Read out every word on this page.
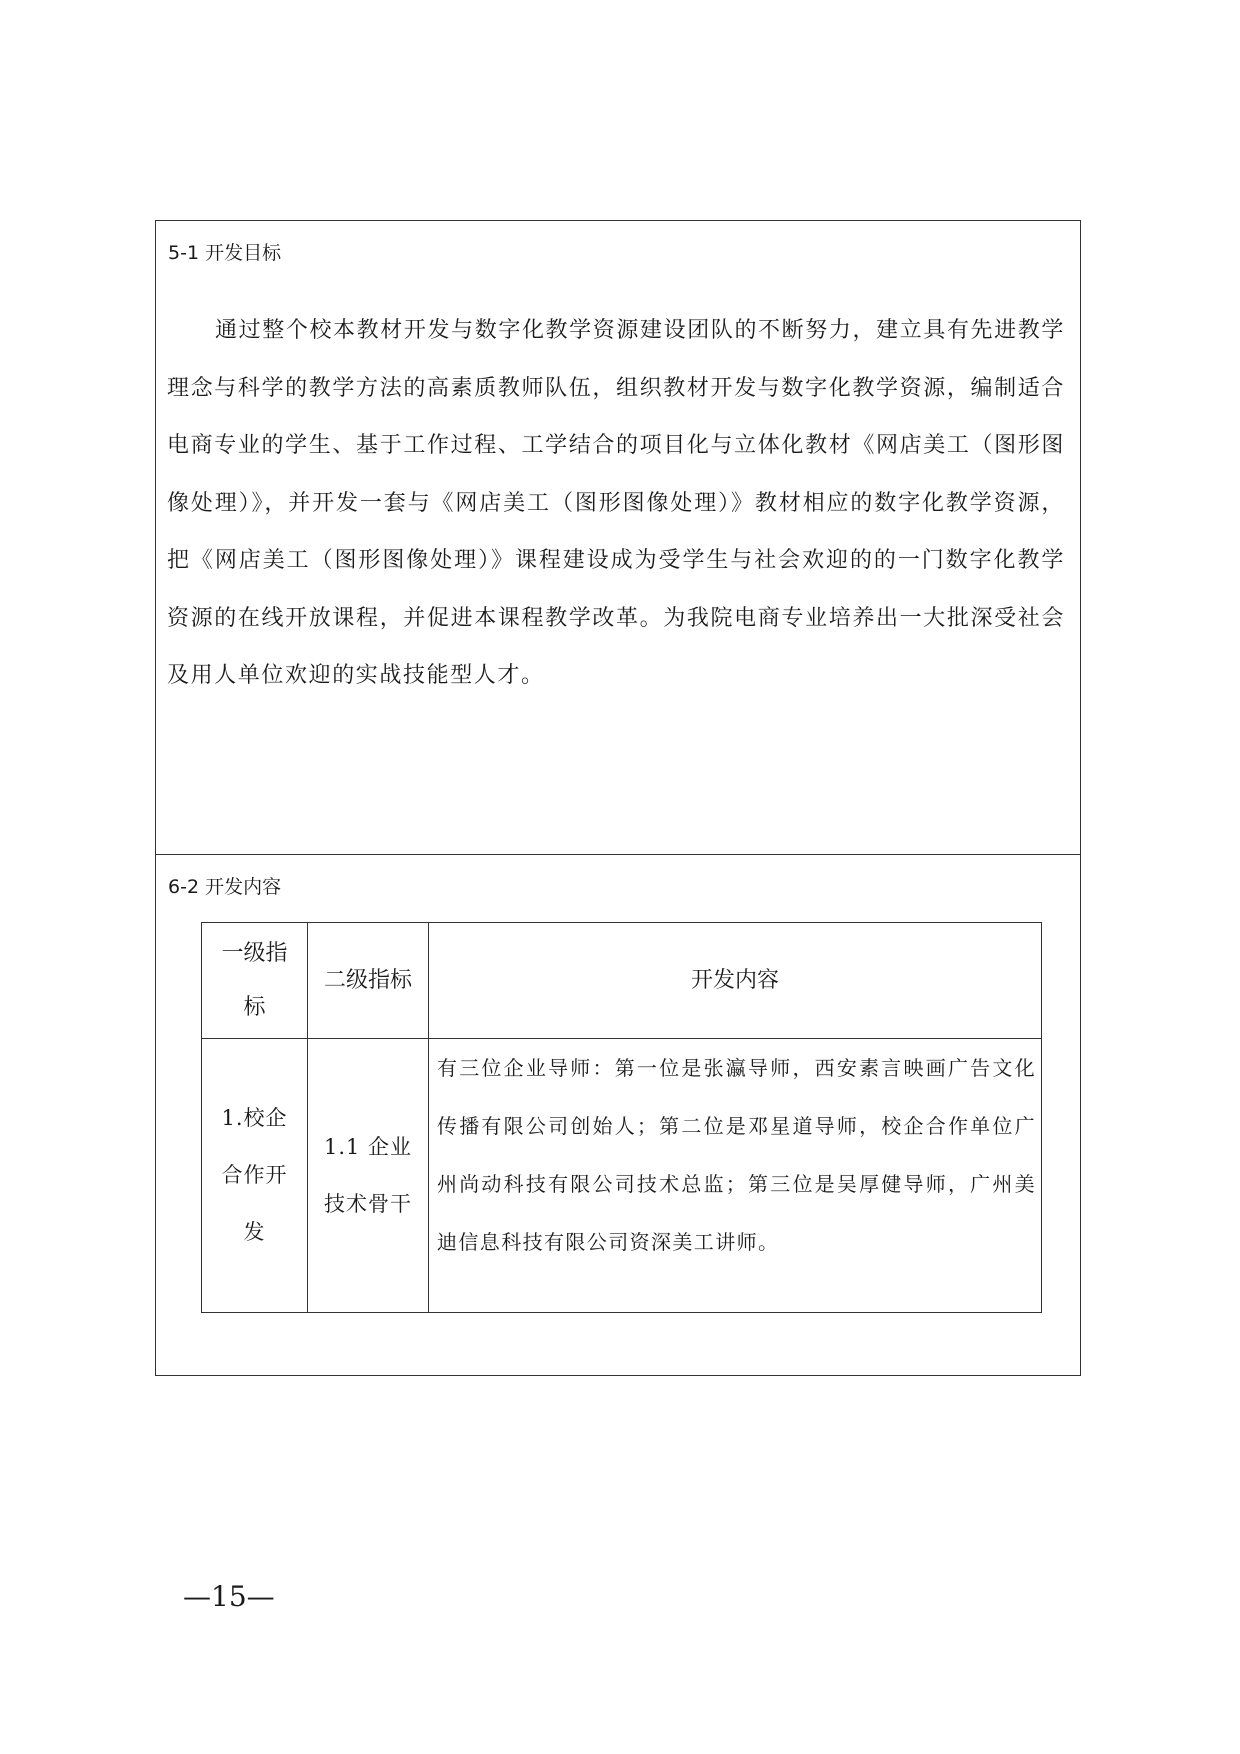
5-1 开发目标

通过整个校本教材开发与数字化教学资源建设团队的不断努力，建立具有先进教学理念与科学的教学方法的高素质教师队伍，组织教材开发与数字化教学资源，编制适合电商专业的学生、基于工作过程、工学结合的项目化与立体化教材《网店美工（图形图像处理）》，并开发一套与《网店美工（图形图像处理）》教材相应的数字化教学资源，把《网店美工（图形图像处理）》课程建设成为受学生与社会欢迎的的一门数字化教学资源的在线开放课程，并促进本课程教学改革。为我院电商专业培养出一大批深受社会及用人单位欢迎的实战技能型人才。

6-2 开发内容
一级指标	二级指标	开发内容
1.校企合作开发	1.1 企业技术骨干	有三位企业导师：第一位是张瀛导师，西安素言映画广告文化传播有限公司创始人；第二位是邓星道导师，校企合作单位广州尚动科技有限公司技术总监；第三位是吴厚健导师，广州美迪信息科技有限公司资深美工讲师。
—15—
